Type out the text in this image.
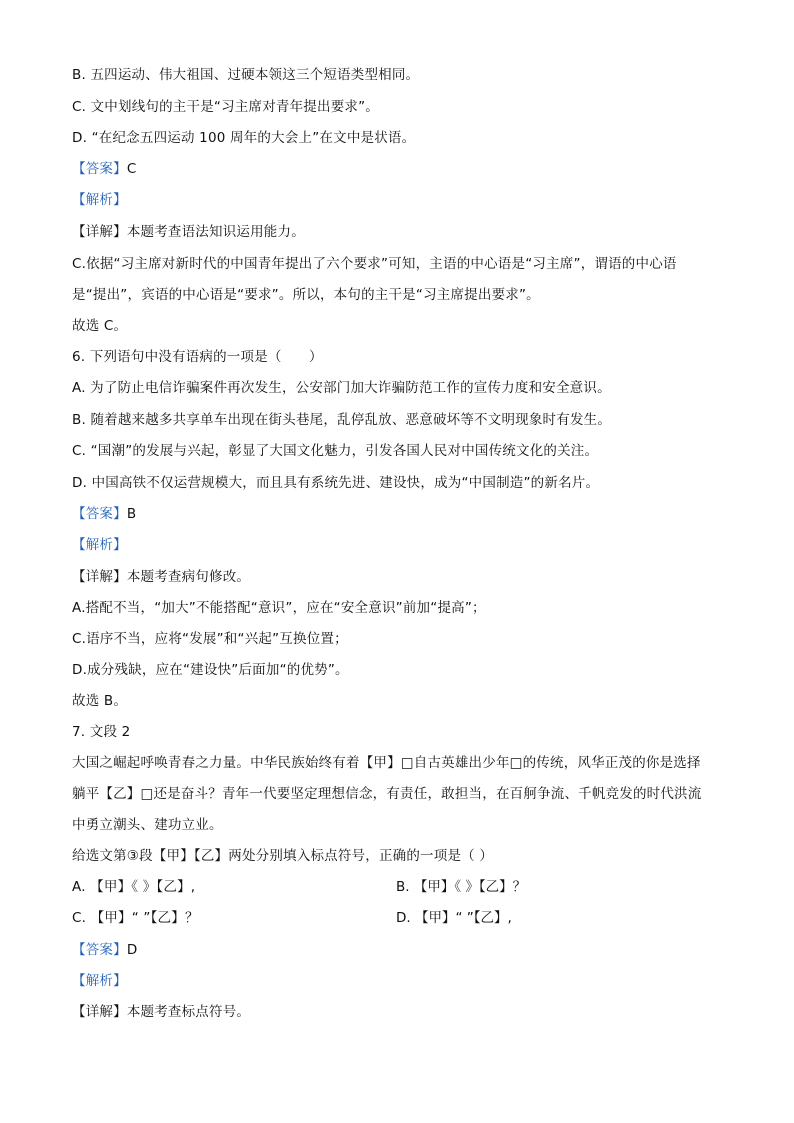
B. 五四运动、伟大祖国、过硬本领这三个短语类型相同。
C. 文中划线句的主干是“习主席对青年提出要求”。
D. “在纪念五四运动 100 周年的大会上”在文中是状语。
【答案】C
【解析】
【详解】本题考查语法知识运用能力。
C.依据“习主席对新时代的中国青年提出了六个要求”可知，主语的中心语是“习主席”，谓语的中心语
是“提出”，宾语的中心语是“要求”。所以，本句的主干是“习主席提出要求”。
故选 C。
6. 下列语句中没有语病的一项是（　　）
A. 为了防止电信诈骗案件再次发生，公安部门加大诈骗防范工作的宣传力度和安全意识。
B. 随着越来越多共享单车出现在街头巷尾，乱停乱放、恶意破坏等不文明现象时有发生。
C. “国潮”的发展与兴起，彰显了大国文化魅力，引发各国人民对中国传统文化的关注。
D. 中国高铁不仅运营规模大，而且具有系统先进、建设快，成为“中国制造”的新名片。
【答案】B
【解析】
【详解】本题考查病句修改。
A.搭配不当，“加大”不能搭配“意识”，应在“安全意识”前加“提高”；
C.语序不当，应将“发展”和“兴起”互换位置；
D.成分残缺，应在“建设快”后面加“的优势”。
故选 B。
7. 文段 2
大国之崛起呼唤青春之力量。中华民族始终有着【甲】□自古英雄出少年□的传统，风华正茂的你是选择
躺平【乙】□还是奋斗？青年一代要坚定理想信念，有责任，敢担当，在百舸争流、千帆竞发的时代洪流
中勇立潮头、建功立业。
给选文第③段【甲】【乙】两处分别填入标点符号，正确的一项是（ ）
A. 【甲】《 》【乙】,	B. 【甲】《 》【乙】？
C. 【甲】“ ”【乙】？	D. 【甲】“ ”【乙】,
【答案】D
【解析】
【详解】本题考查标点符号。
